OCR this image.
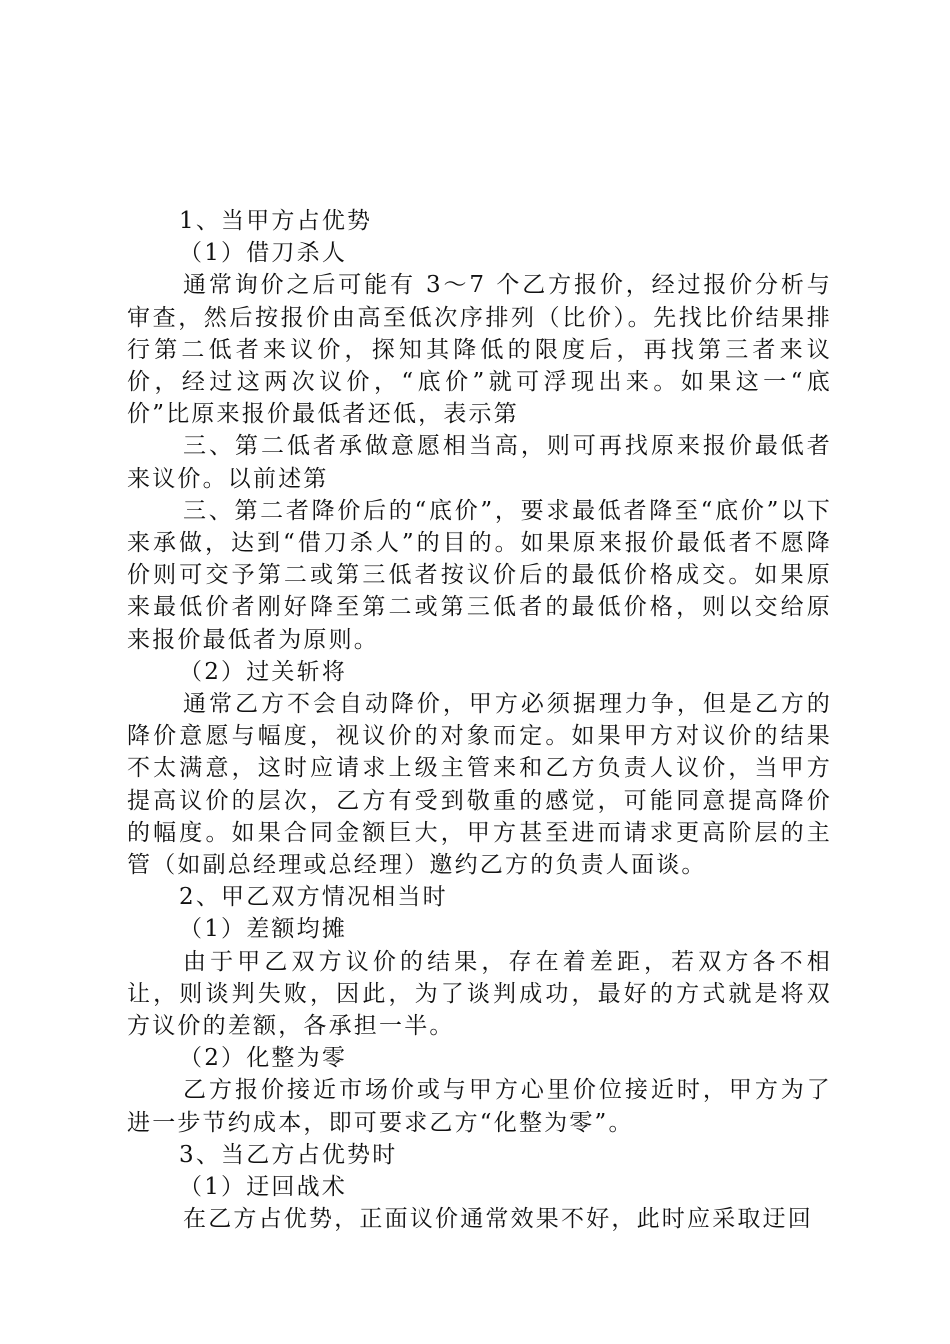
1、当甲方占优势

（1）借刀杀人

通常询价之后可能有 3～7 个乙方报价，经过报价分析与审查，然后按报价由高至低次序排列（比价）。先找比价结果排行第二低者来议价，探知其降低的限度后，再找第三者来议价，经过这两次议价，“底价”就可浮现出来。如果这一“底价”比原来报价最低者还低，表示第

三、第二低者承做意愿相当高，则可再找原来报价最低者来议价。以前述第

三、第二者降价后的“底价”，要求最低者降至“底价”以下来承做，达到“借刀杀人”的目的。如果原来报价最低者不愿降价则可交予第二或第三低者按议价后的最低价格成交。如果原来最低价者刚好降至第二或第三低者的最低价格，则以交给原来报价最低者为原则。

（2）过关斩将

通常乙方不会自动降价，甲方必须据理力争，但是乙方的降价意愿与幅度，视议价的对象而定。如果甲方对议价的结果不太满意，这时应请求上级主管来和乙方负责人议价，当甲方提高议价的层次，乙方有受到敬重的感觉，可能同意提高降价的幅度。如果合同金额巨大，甲方甚至进而请求更高阶层的主管（如副总经理或总经理）邀约乙方的负责人面谈。

2、甲乙双方情况相当时

（1）差额均摊

由于甲乙双方议价的结果，存在着差距，若双方各不相让，则谈判失败，因此，为了谈判成功，最好的方式就是将双方议价的差额，各承担一半。

（2）化整为零

乙方报价接近市场价或与甲方心里价位接近时，甲方为了进一步节约成本，即可要求乙方“化整为零”。

3、当乙方占优势时

（1）迂回战术

在乙方占优势，正面议价通常效果不好，此时应采取迂回
